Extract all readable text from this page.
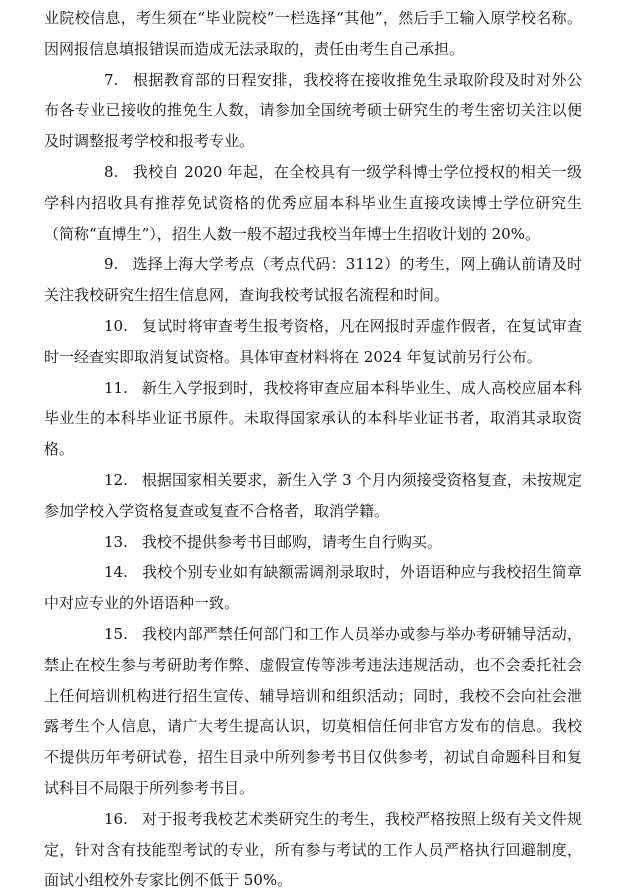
业院校信息，考生须在“毕业院校”一栏选择“其他”，然后手工输入原学校名称。因网报信息填报错误而造成无法录取的，责任由考生自己承担。

7. 根据教育部的日程安排，我校将在接收推免生录取阶段及时对外公布各专业已接收的推免生人数，请参加全国统考硕士研究生的考生密切关注以便及时调整报考学校和报考专业。

8. 我校自 2020 年起，在全校具有一级学科博士学位授权的相关一级学科内招收具有推荐免试资格的优秀应届本科毕业生直接攻读博士学位研究生（简称“直博生”），招生人数一般不超过我校当年博士生招收计划的 20%。

9. 选择上海大学考点（考点代码：3112）的考生，网上确认前请及时关注我校研究生招生信息网，查询我校考试报名流程和时间。

10. 复试时将审查考生报考资格，凡在网报时弄虚作假者，在复试审查时一经查实即取消复试资格。具体审查材料将在 2024 年复试前另行公布。

11. 新生入学报到时，我校将审查应届本科毕业生、成人高校应届本科毕业生的本科毕业证书原件。未取得国家承认的本科毕业证书者，取消其录取资格。

12. 根据国家相关要求，新生入学 3 个月内须接受资格复查，未按规定参加学校入学资格复查或复查不合格者，取消学籍。

13. 我校不提供参考书目邮购，请考生自行购买。

14. 我校个别专业如有缺额需调剂录取时，外语语种应与我校招生简章中对应专业的外语语种一致。

15. 我校内部严禁任何部门和工作人员举办或参与举办考研辅导活动，禁止在校生参与考研助考作弊、虚假宣传等涉考违法违规活动，也不会委托社会上任何培训机构进行招生宣传、辅导培训和组织活动；同时，我校不会向社会泄露考生个人信息，请广大考生提高认识，切莫相信任何非官方发布的信息。我校不提供历年考研试卷，招生目录中所列参考书目仅供参考，初试自命题科目和复试科目不局限于所列参考书目。

16. 对于报考我校艺术类研究生的考生，我校严格按照上级有关文件规定，针对含有技能型考试的专业，所有参与考试的工作人员严格执行回避制度，面试小组校外专家比例不低于 50%。
